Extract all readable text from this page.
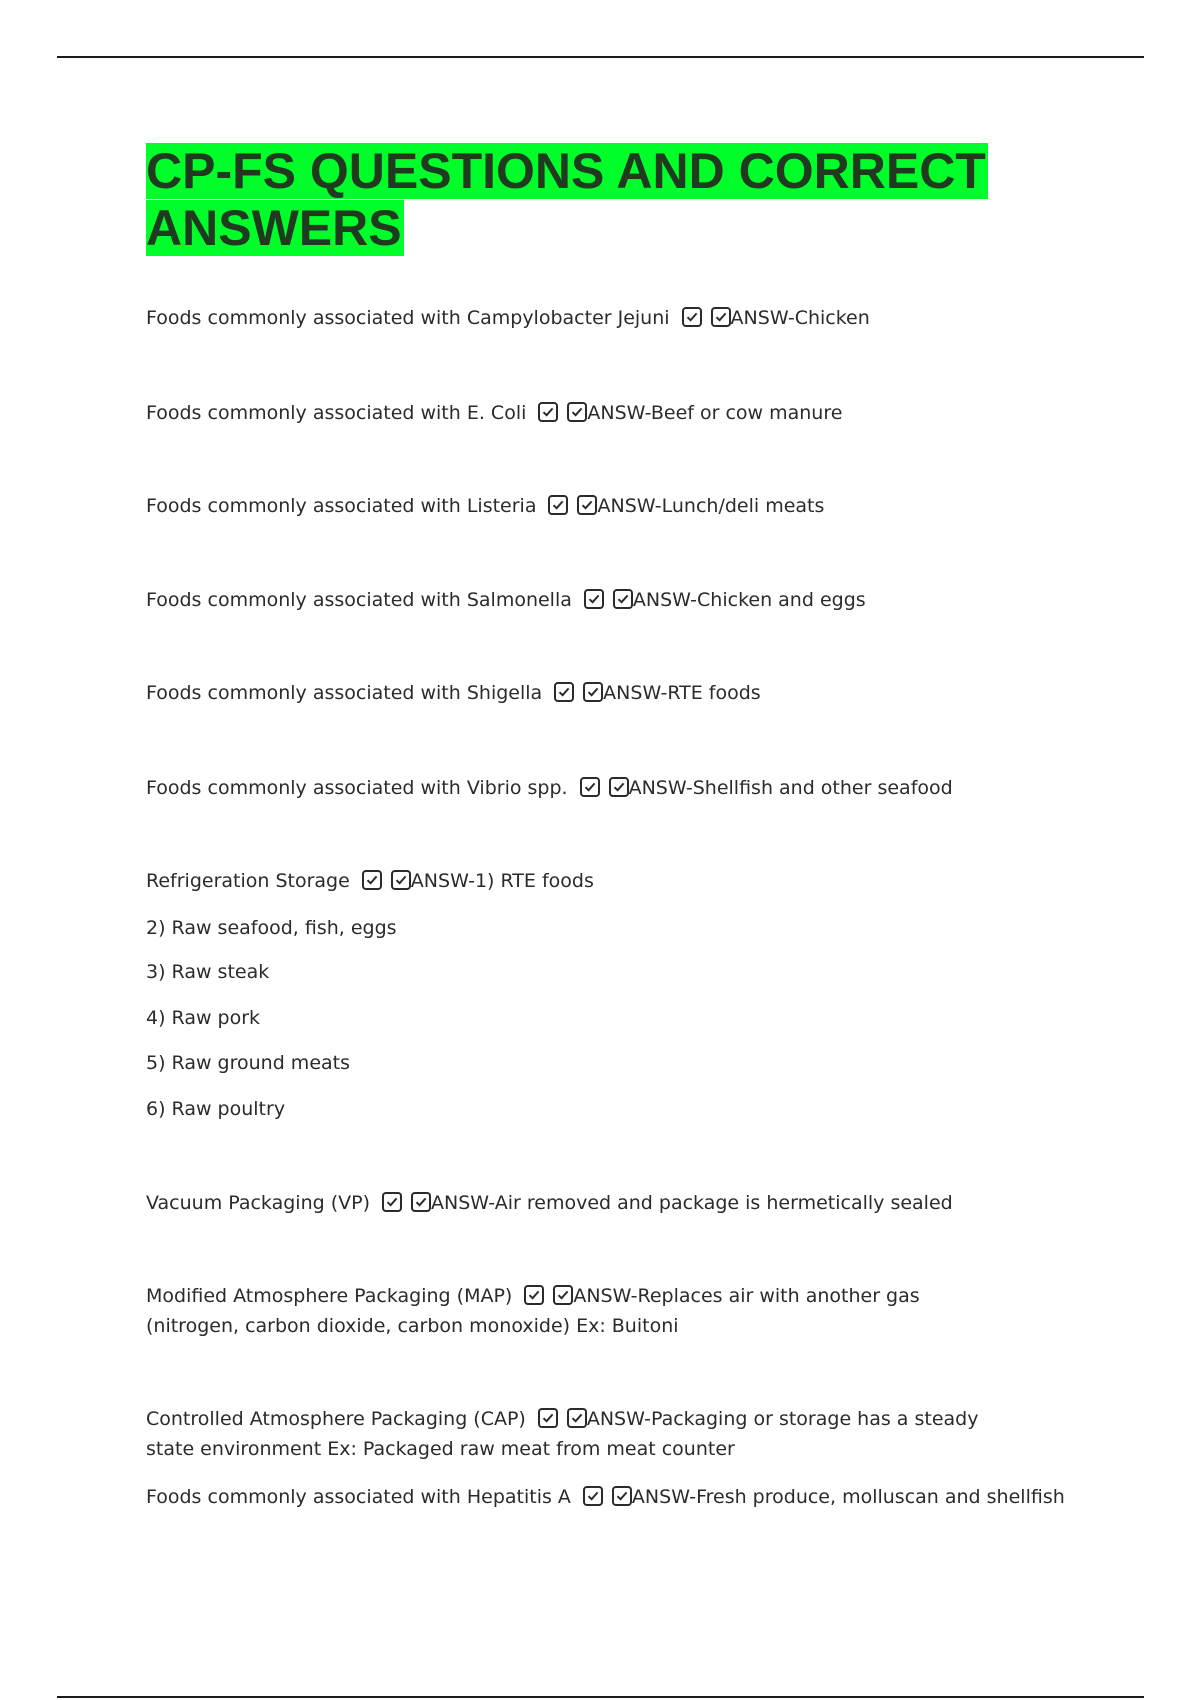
CP-FS QUESTIONS AND CORRECT ANSWERS
Foods commonly associated with Campylobacter Jejuni	ANSW-Chicken
Foods commonly associated with E. Coli	ANSW-Beef or cow manure
Foods commonly associated with Listeria	ANSW-Lunch/deli meats
Foods commonly associated with Salmonella	ANSW-Chicken and eggs
Foods commonly associated with Shigella	ANSW-RTE foods
Foods commonly associated with Vibrio spp.	ANSW-Shellfish and other seafood
Refrigeration Storage	ANSW-1) RTE foods
2) Raw seafood, fish, eggs
3) Raw steak
4) Raw pork
5) Raw ground meats
6) Raw poultry
Vacuum Packaging (VP)	ANSW-Air removed and package is hermetically sealed
Modified Atmosphere Packaging (MAP)	ANSW-Replaces air with another gas (nitrogen, carbon dioxide, carbon monoxide) Ex: Buitoni
Controlled Atmosphere Packaging (CAP)	ANSW-Packaging or storage has a steady state environment Ex: Packaged raw meat from meat counter
Foods commonly associated with Hepatitis A	ANSW-Fresh produce, molluscan and shellfish
